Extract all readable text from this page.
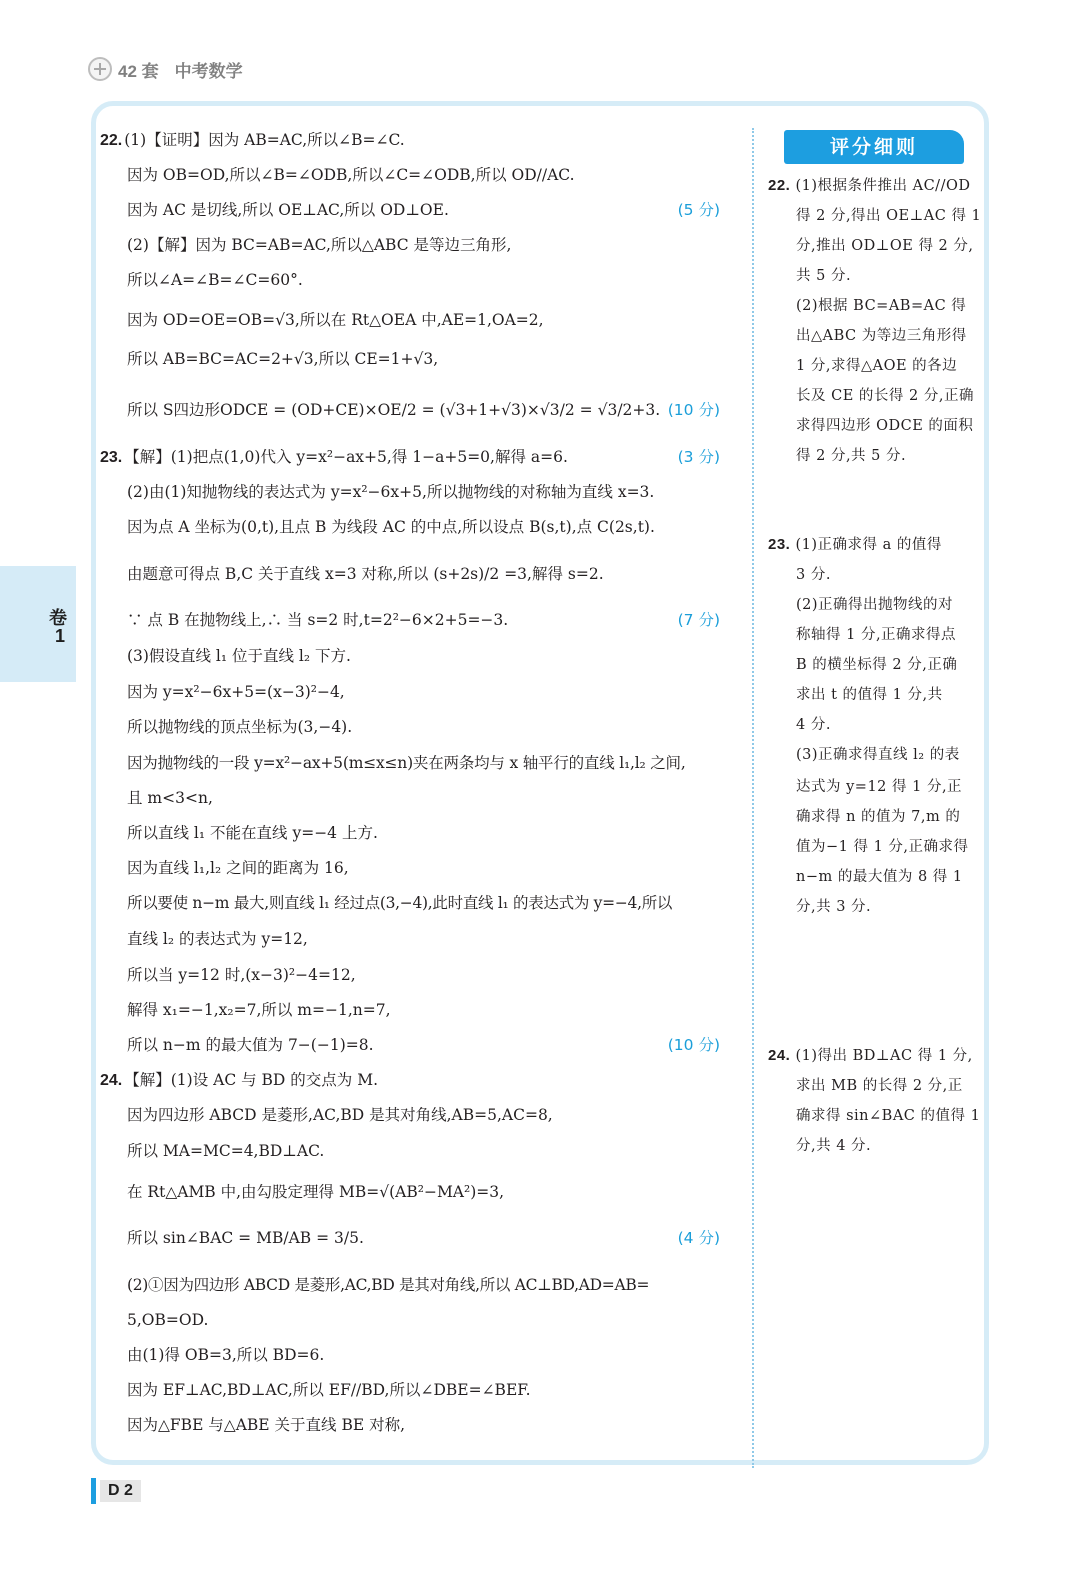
42 套 中考数学
卷
1
22. (1)【证明】因为 AB=AC,所以∠B=∠C.
因为 OB=OD,所以∠B=∠ODB,所以∠C=∠ODB,所以 OD//AC.
因为 AC 是切线,所以 OE⊥AC,所以 OD⊥OE.	(5 分)
(2)【解】因为 BC=AB=AC,所以△ABC 是等边三角形,
所以∠A=∠B=∠C=60°.
因为 OD=OE=OB=√3,所以在 Rt△OEA 中,AE=1,OA=2,
所以 AB=BC=AC=2+√3,所以 CE=1+√3,
所以 S四边形ODCE = (OD+CE)×OE/2 = (√3+1+√3)×√3/2 = √3/2+3. (10 分)
23. 【解】(1)把点(1,0)代入 y=x²−ax+5,得 1−a+5=0,解得 a=6.	(3 分)
(2)由(1)知抛物线的表达式为 y=x²−6x+5,所以抛物线的对称轴为直线 x=3.
因为点 A 坐标为(0,t),且点 B 为线段 AC 的中点,所以设点 B(s,t),点 C(2s,t).
由题意可得点 B,C 关于直线 x=3 对称,所以 (s+2s)/2 =3,解得 s=2.
∵ 点 B 在抛物线上,∴ 当 s=2 时,t=2²−6×2+5=−3.	(7 分)
(3)假设直线 l₁ 位于直线 l₂ 下方.
因为 y=x²−6x+5=(x−3)²−4,
所以抛物线的顶点坐标为(3,−4).
因为抛物线的一段 y=x²−ax+5(m≤x≤n)夹在两条均与 x 轴平行的直线 l₁,l₂ 之间,
且 m<3<n,
所以直线 l₁ 不能在直线 y=−4 上方.
因为直线 l₁,l₂ 之间的距离为 16,
所以要使 n−m 最大,则直线 l₁ 经过点(3,−4),此时直线 l₁ 的表达式为 y=−4,所以
直线 l₂ 的表达式为 y=12,
所以当 y=12 时,(x−3)²−4=12,
解得 x₁=−1,x₂=7,所以 m=−1,n=7,
所以 n−m 的最大值为 7−(−1)=8.	(10 分)
24. 【解】(1)设 AC 与 BD 的交点为 M.
因为四边形 ABCD 是菱形,AC,BD 是其对角线,AB=5,AC=8,
所以 MA=MC=4,BD⊥AC.
在 Rt△AMB 中,由勾股定理得 MB=√(AB²−MA²)=3,
所以 sin∠BAC = MB/AB = 3/5.	(4 分)
(2)①因为四边形 ABCD 是菱形,AC,BD 是其对角线,所以 AC⊥BD,AD=AB=
5,OB=OD.
由(1)得 OB=3,所以 BD=6.
因为 EF⊥AC,BD⊥AC,所以 EF//BD,所以∠DBE=∠BEF.
因为△FBE 与△ABE 关于直线 BE 对称,
评分细则
22. (1)根据条件推出 AC//OD
得 2 分,得出 OE⊥AC 得 1
分,推出 OD⊥OE 得 2 分,
共 5 分.
(2)根据 BC=AB=AC 得
出△ABC 为等边三角形得
1 分,求得△AOE 的各边
长及 CE 的长得 2 分,正确
求得四边形 ODCE 的面积
得 2 分,共 5 分.
23. (1)正确求得 a 的值得
3 分.
(2)正确得出抛物线的对
称轴得 1 分,正确求得点
B 的横坐标得 2 分,正确
求出 t 的值得 1 分,共
4 分.
(3)正确求得直线 l₂ 的表
达式为 y=12 得 1 分,正
确求得 n 的值为 7,m 的
值为−1 得 1 分,正确求得
n−m 的最大值为 8 得 1
分,共 3 分.
24. (1)得出 BD⊥AC 得 1 分,
求出 MB 的长得 2 分,正
确求得 sin∠BAC 的值得 1
分,共 4 分.
D 2
